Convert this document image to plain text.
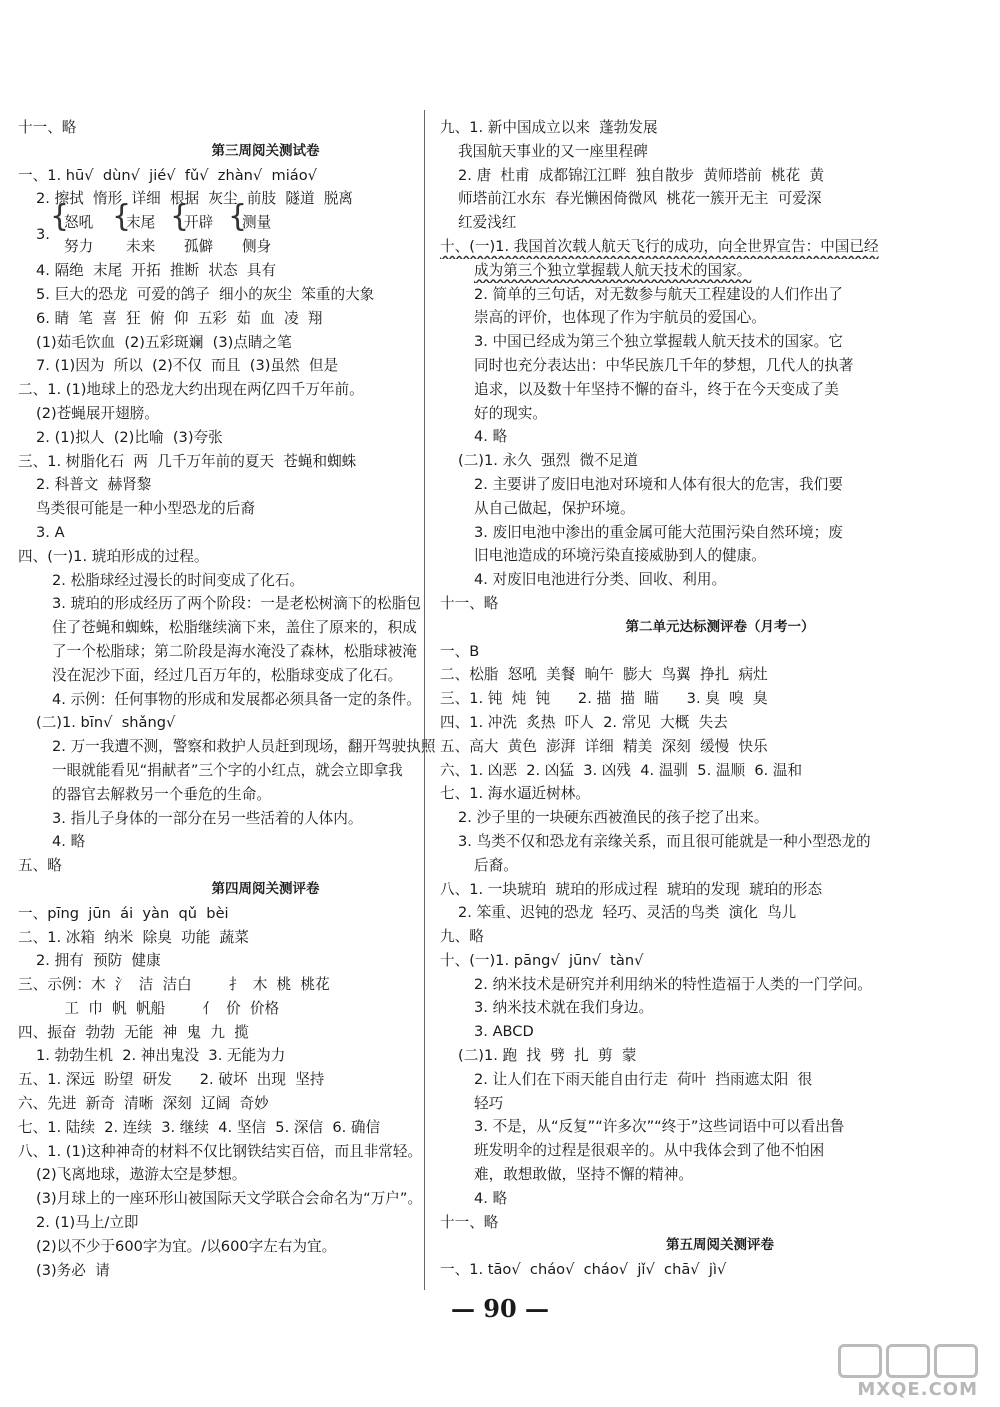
十一、略
第三周阅关测试卷
一、1. hū√  dùn√  jié√  fǔ√  zhàn√  miáo√
2. 擦拭  惰形  详细  根据  灰尘  前肢  隧道  脱离
3.
{
怒吼
努力
{
末尾
未来
{
开辟
孤僻
{
测量
侧身
4. 隔绝  末尾  开拓  推断  状态  具有
5. 巨大的恐龙  可爱的鸽子  细小的灰尘  笨重的大象
6. 睛  笔  喜  狂  俯  仰  五彩  茹  血  凌  翔
(1)茹毛饮血  (2)五彩斑斓  (3)点睛之笔
7. (1)因为  所以  (2)不仅  而且  (3)虽然  但是
二、1. (1)地球上的恐龙大约出现在两亿四千万年前。
(2)苍蝇展开翅膀。
2. (1)拟人  (2)比喻  (3)夸张
三、1. 树脂化石  两  几千万年前的夏天  苍蝇和蜘蛛
2. 科普文  赫肾黎
鸟类很可能是一种小型恐龙的后裔
3. A
四、(一)1. 琥珀形成的过程。
2. 松脂球经过漫长的时间变成了化石。
3. 琥珀的形成经历了两个阶段：一是老松树滴下的松脂包
住了苍蝇和蜘蛛，松脂继续滴下来，盖住了原来的，积成
了一个松脂球；第二阶段是海水淹没了森林，松脂球被淹
没在泥沙下面，经过几百万年的，松脂球变成了化石。
4. 示例：任何事物的形成和发展都必须具备一定的条件。
(二)1. bīn√  shǎng√
2. 万一我遭不测，警察和救护人员赶到现场，翻开驾驶执照
一眼就能看见“捐献者”三个字的小红点，就会立即拿我
的器官去解救另一个垂危的生命。
3. 指儿子身体的一部分在另一些活着的人体内。
4. 略
五、略
第四周阅关测评卷
一、pīng  jūn  ái  yàn  qǔ  bèi
二、1. 冰箱  纳米  除臭  功能  蔬菜
2. 拥有  预防  健康
三、示例：木  氵  洁  洁白        扌  木  桃  桃花
工  巾  帆  帆船        亻  价  价格
四、振奋  勃勃  无能  神  鬼  九  揽
1. 勃勃生机  2. 神出鬼没  3. 无能为力
五、1. 深远  盼望  研发      2. 破坏  出现  坚持
六、先进  新奇  清晰  深刻  辽阔  奇妙
七、1. 陆续  2. 连续  3. 继续  4. 坚信  5. 深信  6. 确信
八、1. (1)这种神奇的材料不仅比钢铁结实百倍，而且非常轻。
(2)飞离地球，遨游太空是梦想。
(3)月球上的一座环形山被国际天文学联合会命名为“万户”。
2. (1)马上/立即
(2)以不少于600字为宜。/以600字左右为宜。
(3)务必  请
九、1. 新中国成立以来  蓬勃发展
我国航天事业的又一座里程碑
2. 唐  杜甫  成都锦江江畔  独自散步  黄师塔前  桃花  黄
师塔前江水东  春光懒困倚微风  桃花一簇开无主  可爱深
红爱浅红
十、(一)1. 我国首次载人航天飞行的成功，向全世界宣告：中国已经
成为第三个独立掌握载人航天技术的国家。
2. 简单的三句话，对无数参与航天工程建设的人们作出了
崇高的评价，也体现了作为宇航员的爱国心。
3. 中国已经成为第三个独立掌握载人航天技术的国家。它
同时也充分表达出：中华民族几千年的梦想，几代人的执著
追求，以及数十年坚持不懈的奋斗，终于在今天变成了美
好的现实。
4. 略
(二)1. 永久  强烈  微不足道
2. 主要讲了废旧电池对环境和人体有很大的危害，我们要
从自己做起，保护环境。
3. 废旧电池中渗出的重金属可能大范围污染自然环境；废
旧电池造成的环境污染直接威胁到人的健康。
4. 对废旧电池进行分类、回收、利用。
十一、略
第二单元达标测评卷（月考一）
一、B
二、松脂  怒吼  美餐  晌午  膨大  鸟翼  挣扎  病灶
三、1. 钝  炖  钝      2. 描  描  瞄      3. 臭  嗅  臭
四、1. 冲洗  炙热  吓人  2. 常见  大概  失去
五、高大  黄色  澎湃  详细  精美  深刻  缓慢  快乐
六、1. 凶恶  2. 凶猛  3. 凶残  4. 温驯  5. 温顺  6. 温和
七、1. 海水逼近树林。
2. 沙子里的一块硬东西被渔民的孩子挖了出来。
3. 鸟类不仅和恐龙有亲缘关系，而且很可能就是一种小型恐龙的
后裔。
八、1. 一块琥珀  琥珀的形成过程  琥珀的发现  琥珀的形态
2. 笨重、迟钝的恐龙  轻巧、灵活的鸟类  演化  鸟儿
九、略
十、(一)1. pāng√  jūn√  tàn√
2. 纳米技术是研究并利用纳米的特性造福于人类的一门学问。
3. 纳米技术就在我们身边。
3. ABCD
(二)1. 跑  找  劈  扎  剪  蒙
2. 让人们在下雨天能自由行走  荷叶  挡雨遮太阳  很
轻巧
3. 不是，从“反复”“许多次”“终于”这些词语中可以看出鲁
班发明伞的过程是很艰辛的。从中我体会到了他不怕困
难，敢想敢做，坚持不懈的精神。
4. 略
十一、略
第五周阅关测评卷
一、1. tāo√  cháo√  cháo√  jǐ√  chā√  jì√
— 90 —
MXQE.COM
